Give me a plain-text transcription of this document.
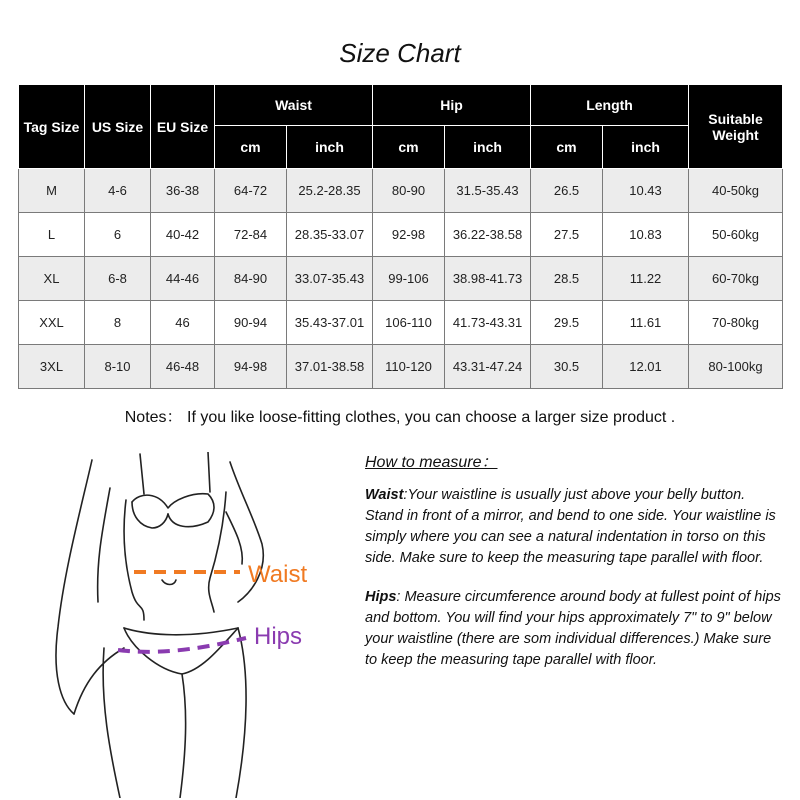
Size Chart
Tag Size	US Size	EU Size	Waist		Hip		Length		Suitable Weight
			cm	inch	cm	inch	cm	inch	
M	4-6	36-38	64-72	25.2-28.35	80-90	31.5-35.43	26.5	10.43	40-50kg
L	6	40-42	72-84	28.35-33.07	92-98	36.22-38.58	27.5	10.83	50-60kg
XL	6-8	44-46	84-90	33.07-35.43	99-106	38.98-41.73	28.5	11.22	60-70kg
XXL	8	46	90-94	35.43-37.01	106-110	41.73-43.31	29.5	11.61	70-80kg
3XL	8-10	46-48	94-98	37.01-38.58	110-120	43.31-47.24	30.5	12.01	80-100kg
Notes： If you like loose-fitting clothes, you can choose a larger size product .
Waist
Hips
How to measure：

Waist:Your waistline is usually just above your belly button. Stand in front of a mirror, and bend to one side. Your waistline is simply where you can see a natural indentation in torso on this side. Make sure to keep the measuring tape parallel with floor.

Hips: Measure circumference around body at fullest point of hips and bottom. You will find your hips approximately 7" to 9" below your waistline (there are som individual differences.) Make sure to keep the measuring tape parallel with floor.
